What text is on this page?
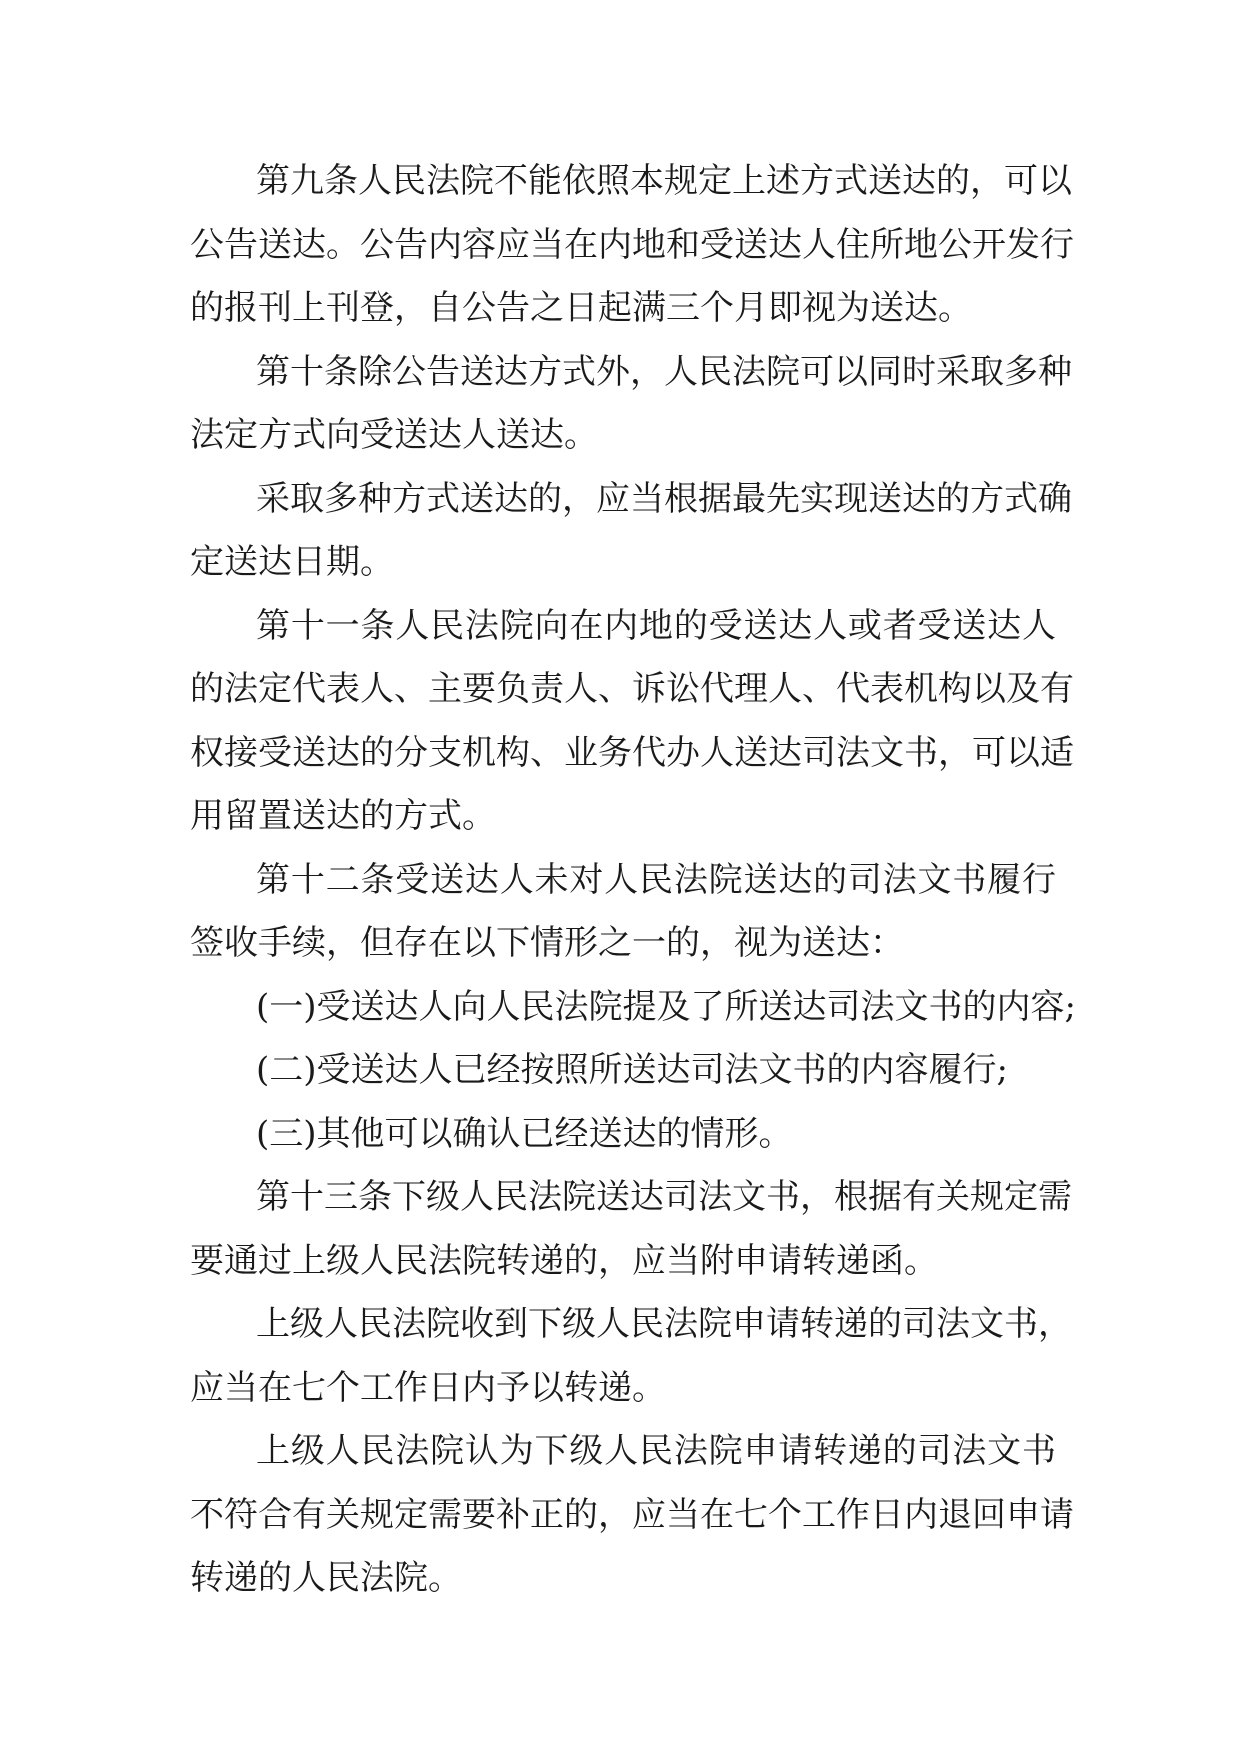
第九条人民法院不能依照本规定上述方式送达的，可以
公告送达。公告内容应当在内地和受送达人住所地公开发行
的报刊上刊登，自公告之日起满三个月即视为送达。
第十条除公告送达方式外，人民法院可以同时采取多种
法定方式向受送达人送达。
采取多种方式送达的，应当根据最先实现送达的方式确
定送达日期。
第十一条人民法院向在内地的受送达人或者受送达人
的法定代表人、主要负责人、诉讼代理人、代表机构以及有
权接受送达的分支机构、业务代办人送达司法文书，可以适
用留置送达的方式。
第十二条受送达人未对人民法院送达的司法文书履行
签收手续，但存在以下情形之一的，视为送达：
(一)受送达人向人民法院提及了所送达司法文书的内容;
(二)受送达人已经按照所送达司法文书的内容履行;
(三)其他可以确认已经送达的情形。
第十三条下级人民法院送达司法文书，根据有关规定需
要通过上级人民法院转递的，应当附申请转递函。
上级人民法院收到下级人民法院申请转递的司法文书，
应当在七个工作日内予以转递。
上级人民法院认为下级人民法院申请转递的司法文书
不符合有关规定需要补正的，应当在七个工作日内退回申请
转递的人民法院。
